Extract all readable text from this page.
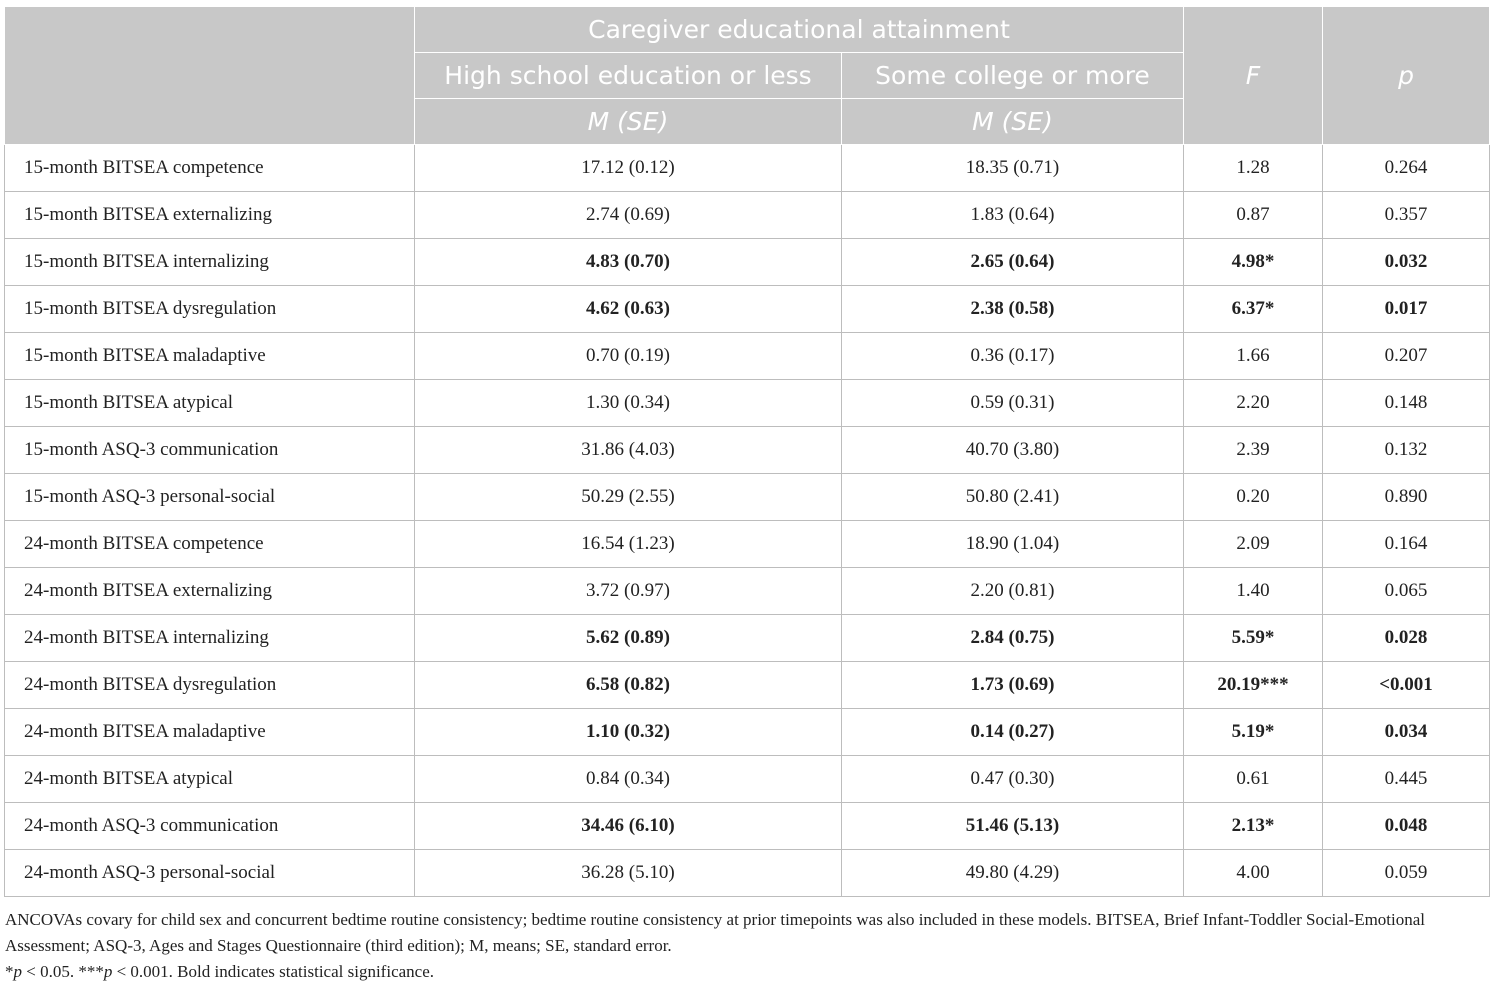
	Caregiver educational attainment		F	p
	High school education or less	Some college or more		
	M (SE)	M (SE)		
15-month BITSEA competence	17.12 (0.12)	18.35 (0.71)	1.28	0.264
15-month BITSEA externalizing	2.74 (0.69)	1.83 (0.64)	0.87	0.357
15-month BITSEA internalizing	4.83 (0.70)	2.65 (0.64)	4.98*	0.032
15-month BITSEA dysregulation	4.62 (0.63)	2.38 (0.58)	6.37*	0.017
15-month BITSEA maladaptive	0.70 (0.19)	0.36 (0.17)	1.66	0.207
15-month BITSEA atypical	1.30 (0.34)	0.59 (0.31)	2.20	0.148
15-month ASQ-3 communication	31.86 (4.03)	40.70 (3.80)	2.39	0.132
15-month ASQ-3 personal-social	50.29 (2.55)	50.80 (2.41)	0.20	0.890
24-month BITSEA competence	16.54 (1.23)	18.90 (1.04)	2.09	0.164
24-month BITSEA externalizing	3.72 (0.97)	2.20 (0.81)	1.40	0.065
24-month BITSEA internalizing	5.62 (0.89)	2.84 (0.75)	5.59*	0.028
24-month BITSEA dysregulation	6.58 (0.82)	1.73 (0.69)	20.19***	<0.001
24-month BITSEA maladaptive	1.10 (0.32)	0.14 (0.27)	5.19*	0.034
24-month BITSEA atypical	0.84 (0.34)	0.47 (0.30)	0.61	0.445
24-month ASQ-3 communication	34.46 (6.10)	51.46 (5.13)	2.13*	0.048
24-month ASQ-3 personal-social	36.28 (5.10)	49.80 (4.29)	4.00	0.059

ANCOVAs covary for child sex and concurrent bedtime routine consistency; bedtime routine consistency at prior timepoints was also included in these models. BITSEA, Brief Infant-Toddler Social-Emotional Assessment; ASQ-3, Ages and Stages Questionnaire (third edition); M, means; SE, standard error.

*p < 0.05. ***p < 0.001. Bold indicates statistical significance.
